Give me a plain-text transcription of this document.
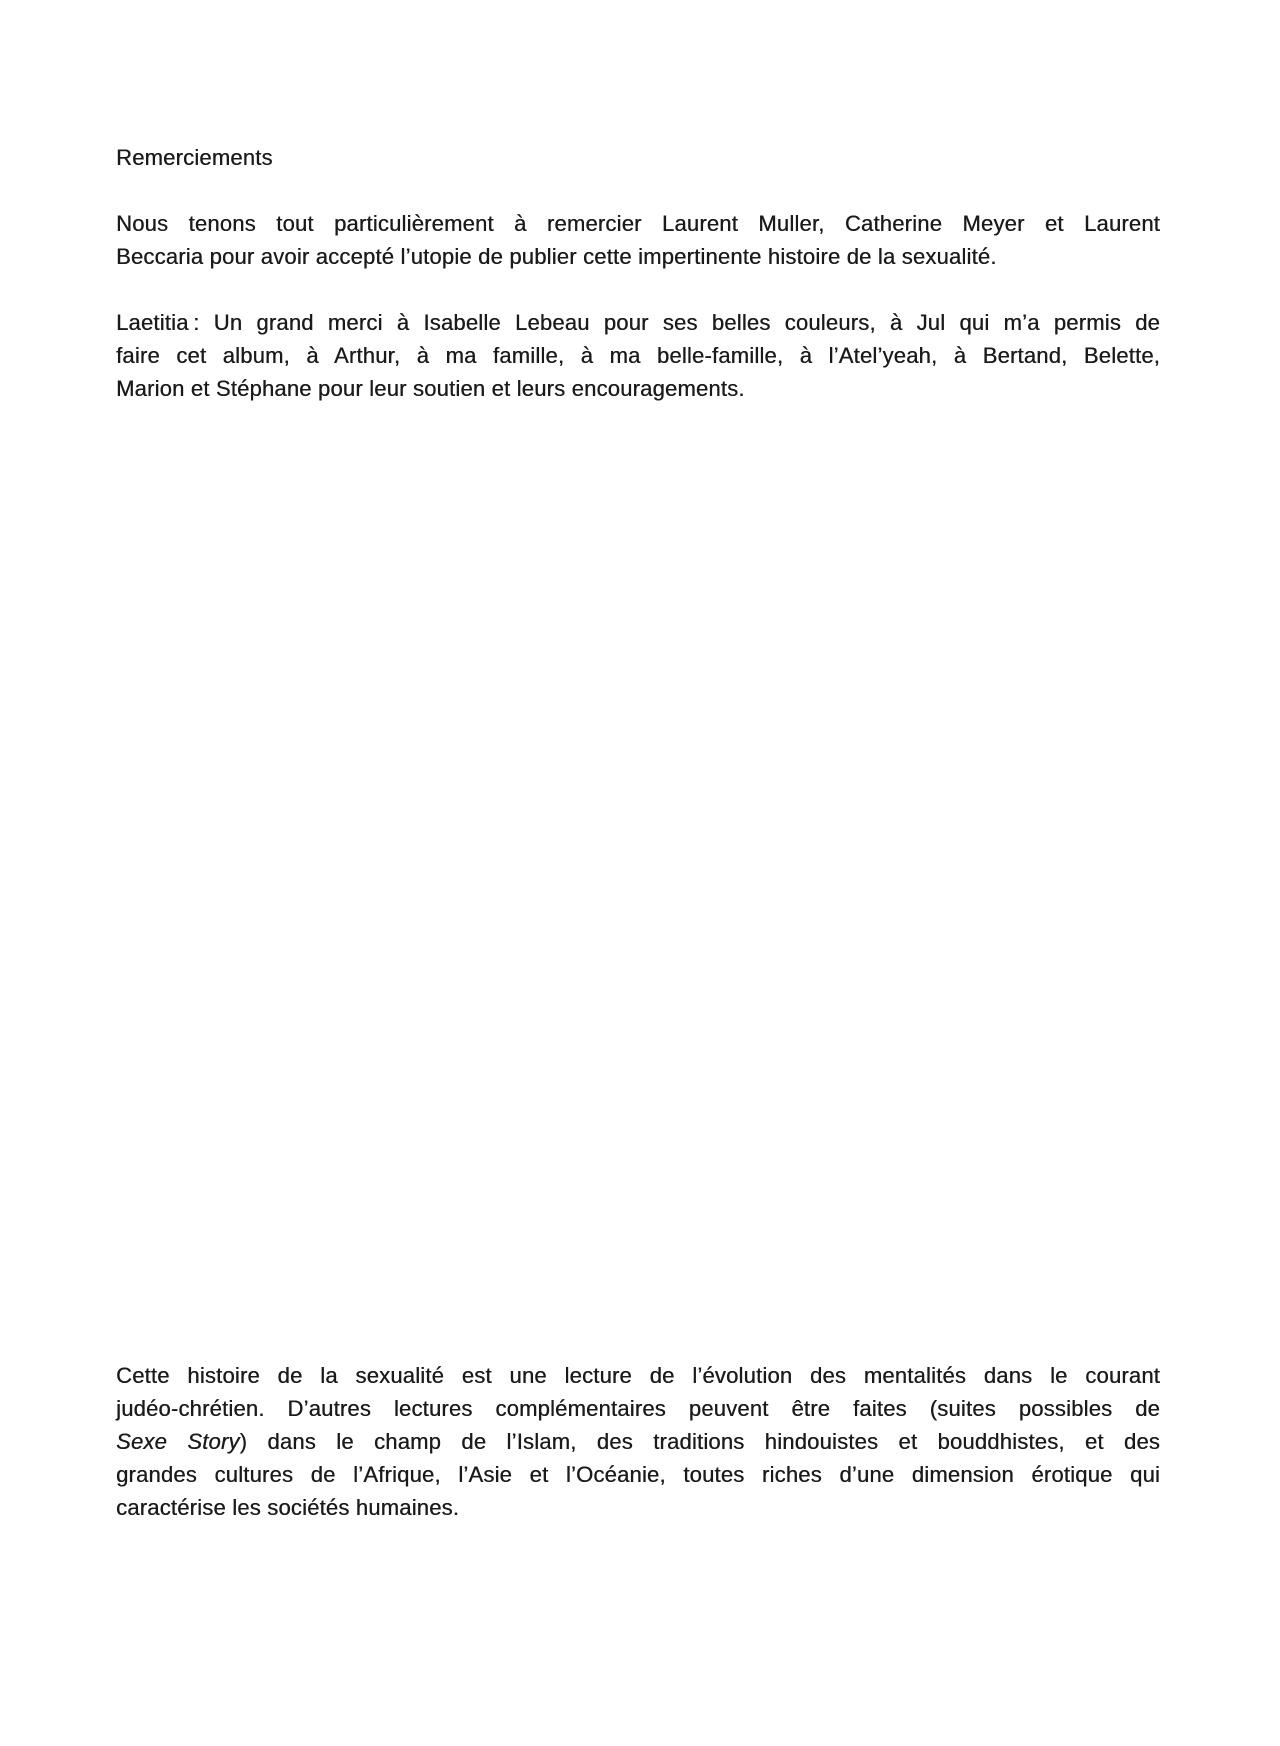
Remerciements

Nous tenons tout particulièrement à remercier Laurent Muller, Catherine Meyer et Laurent
Beccaria pour avoir accepté l’utopie de publier cette impertinente histoire de la sexualité.

Laetitia : Un grand merci à Isabelle Lebeau pour ses belles couleurs, à Jul qui m’a permis de
faire cet album, à Arthur, à ma famille, à ma belle-famille, à l’Atel’yeah, à Bertand, Belette,
Marion et Stéphane pour leur soutien et leurs encouragements.

Cette histoire de la sexualité est une lecture de l’évolution des mentalités dans le courant
judéo-chrétien. D’autres lectures complémentaires peuvent être faites (suites possibles de
Sexe Story) dans le champ de l’Islam, des traditions hindouistes et bouddhistes, et des
grandes cultures de l’Afrique, l’Asie et l’Océanie, toutes riches d’une dimension érotique qui
caractérise les sociétés humaines.
